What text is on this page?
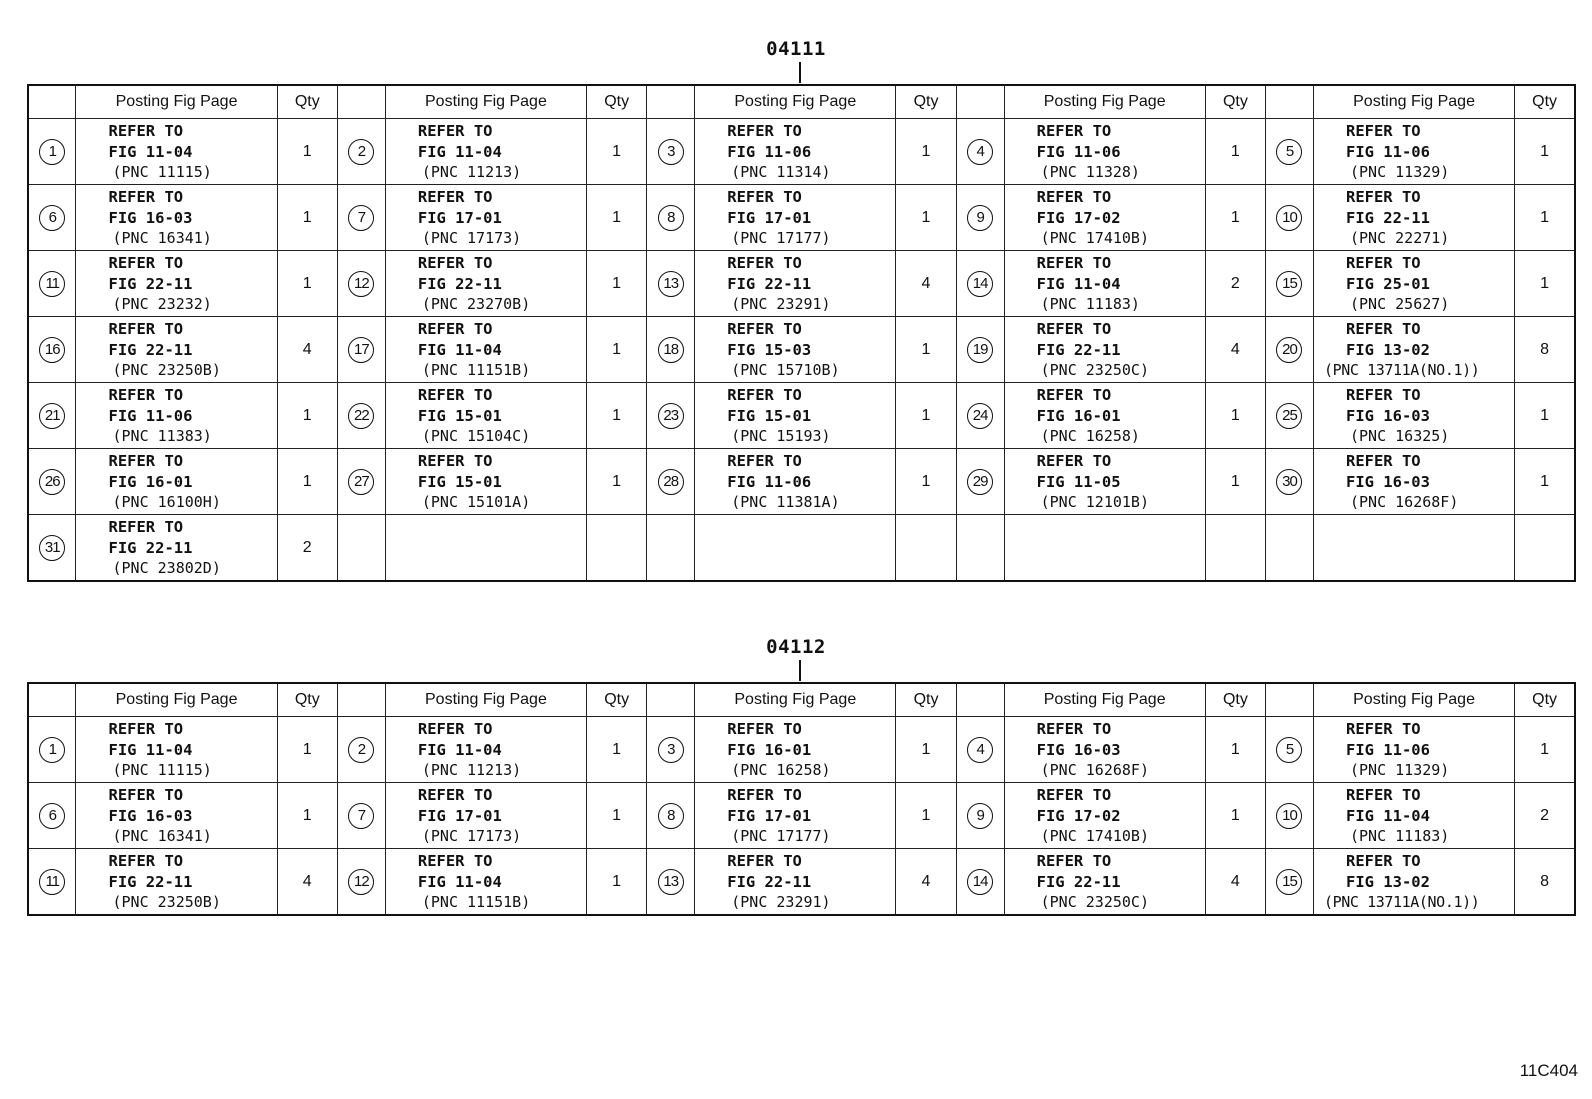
04111
	Posting Fig Page	Qty		Posting Fig Page	Qty		Posting Fig Page	Qty		Posting Fig Page	Qty		Posting Fig Page	Qty
1	REFER TO
FIG 11-04
(PNC 11115)	1	2	REFER TO
FIG 11-04
(PNC 11213)	1	3	REFER TO
FIG 11-06
(PNC 11314)	1	4	REFER TO
FIG 11-06
(PNC 11328)	1	5	REFER TO
FIG 11-06
(PNC 11329)	1
6	REFER TO
FIG 16-03
(PNC 16341)	1	7	REFER TO
FIG 17-01
(PNC 17173)	1	8	REFER TO
FIG 17-01
(PNC 17177)	1	9	REFER TO
FIG 17-02
(PNC 17410B)	1	10	REFER TO
FIG 22-11
(PNC 22271)	1
11	REFER TO
FIG 22-11
(PNC 23232)	1	12	REFER TO
FIG 22-11
(PNC 23270B)	1	13	REFER TO
FIG 22-11
(PNC 23291)	4	14	REFER TO
FIG 11-04
(PNC 11183)	2	15	REFER TO
FIG 25-01
(PNC 25627)	1
16	REFER TO
FIG 22-11
(PNC 23250B)	4	17	REFER TO
FIG 11-04
(PNC 11151B)	1	18	REFER TO
FIG 15-03
(PNC 15710B)	1	19	REFER TO
FIG 22-11
(PNC 23250C)	4	20	REFER TO
FIG 13-02
(PNC 13711A(NO.1))	8
21	REFER TO
FIG 11-06
(PNC 11383)	1	22	REFER TO
FIG 15-01
(PNC 15104C)	1	23	REFER TO
FIG 15-01
(PNC 15193)	1	24	REFER TO
FIG 16-01
(PNC 16258)	1	25	REFER TO
FIG 16-03
(PNC 16325)	1
26	REFER TO
FIG 16-01
(PNC 16100H)	1	27	REFER TO
FIG 15-01
(PNC 15101A)	1	28	REFER TO
FIG 11-06
(PNC 11381A)	1	29	REFER TO
FIG 11-05
(PNC 12101B)	1	30	REFER TO
FIG 16-03
(PNC 16268F)	1
31	REFER TO
FIG 22-11
(PNC 23802D)	2												
04112
	Posting Fig Page	Qty		Posting Fig Page	Qty		Posting Fig Page	Qty		Posting Fig Page	Qty		Posting Fig Page	Qty
1	REFER TO
FIG 11-04
(PNC 11115)	1	2	REFER TO
FIG 11-04
(PNC 11213)	1	3	REFER TO
FIG 16-01
(PNC 16258)	1	4	REFER TO
FIG 16-03
(PNC 16268F)	1	5	REFER TO
FIG 11-06
(PNC 11329)	1
6	REFER TO
FIG 16-03
(PNC 16341)	1	7	REFER TO
FIG 17-01
(PNC 17173)	1	8	REFER TO
FIG 17-01
(PNC 17177)	1	9	REFER TO
FIG 17-02
(PNC 17410B)	1	10	REFER TO
FIG 11-04
(PNC 11183)	2
11	REFER TO
FIG 22-11
(PNC 23250B)	4	12	REFER TO
FIG 11-04
(PNC 11151B)	1	13	REFER TO
FIG 22-11
(PNC 23291)	4	14	REFER TO
FIG 22-11
(PNC 23250C)	4	15	REFER TO
FIG 13-02
(PNC 13711A(NO.1))	8
11C404
